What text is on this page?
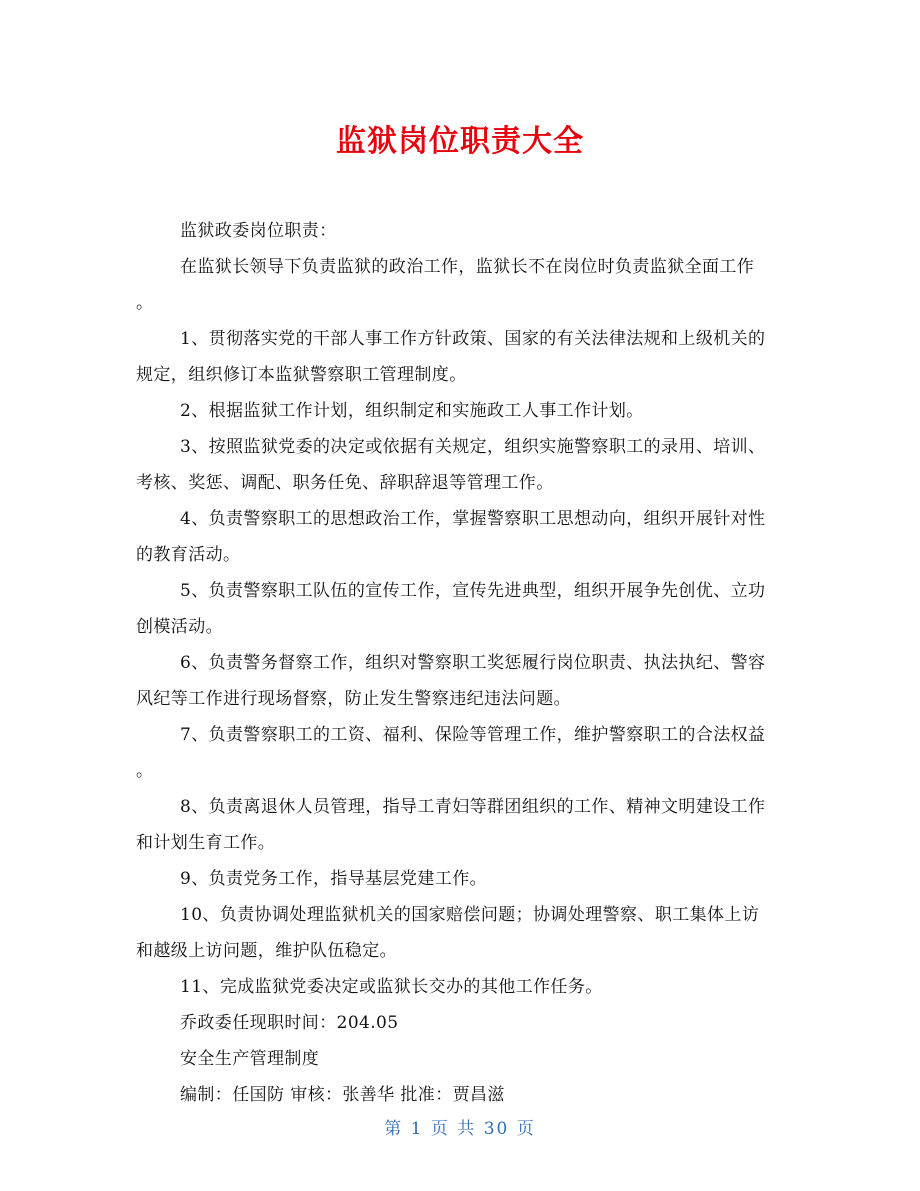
监狱岗位职责大全
监狱政委岗位职责：
在监狱长领导下负责监狱的政治工作，监狱长不在岗位时负责监狱全面工作
。
1、贯彻落实党的干部人事工作方针政策、国家的有关法律法规和上级机关的
规定，组织修订本监狱警察职工管理制度。
2、根据监狱工作计划，组织制定和实施政工人事工作计划。
3、按照监狱党委的决定或依据有关规定，组织实施警察职工的录用、培训、
考核、奖惩、调配、职务任免、辞职辞退等管理工作。
4、负责警察职工的思想政治工作，掌握警察职工思想动向，组织开展针对性
的教育活动。
5、负责警察职工队伍的宣传工作，宣传先进典型，组织开展争先创优、立功
创模活动。
6、负责警务督察工作，组织对警察职工奖惩履行岗位职责、执法执纪、警容
风纪等工作进行现场督察，防止发生警察违纪违法问题。
7、负责警察职工的工资、福利、保险等管理工作，维护警察职工的合法权益
。
8、负责离退休人员管理，指导工青妇等群团组织的工作、精神文明建设工作
和计划生育工作。
9、负责党务工作，指导基层党建工作。
10、负责协调处理监狱机关的国家赔偿问题；协调处理警察、职工集体上访
和越级上访问题，维护队伍稳定。
11、完成监狱党委决定或监狱长交办的其他工作任务。
乔政委任现职时间：204.05
安全生产管理制度
编制：任国防 审核：张善华 批准：贾昌滋
第 1 页 共 30 页
